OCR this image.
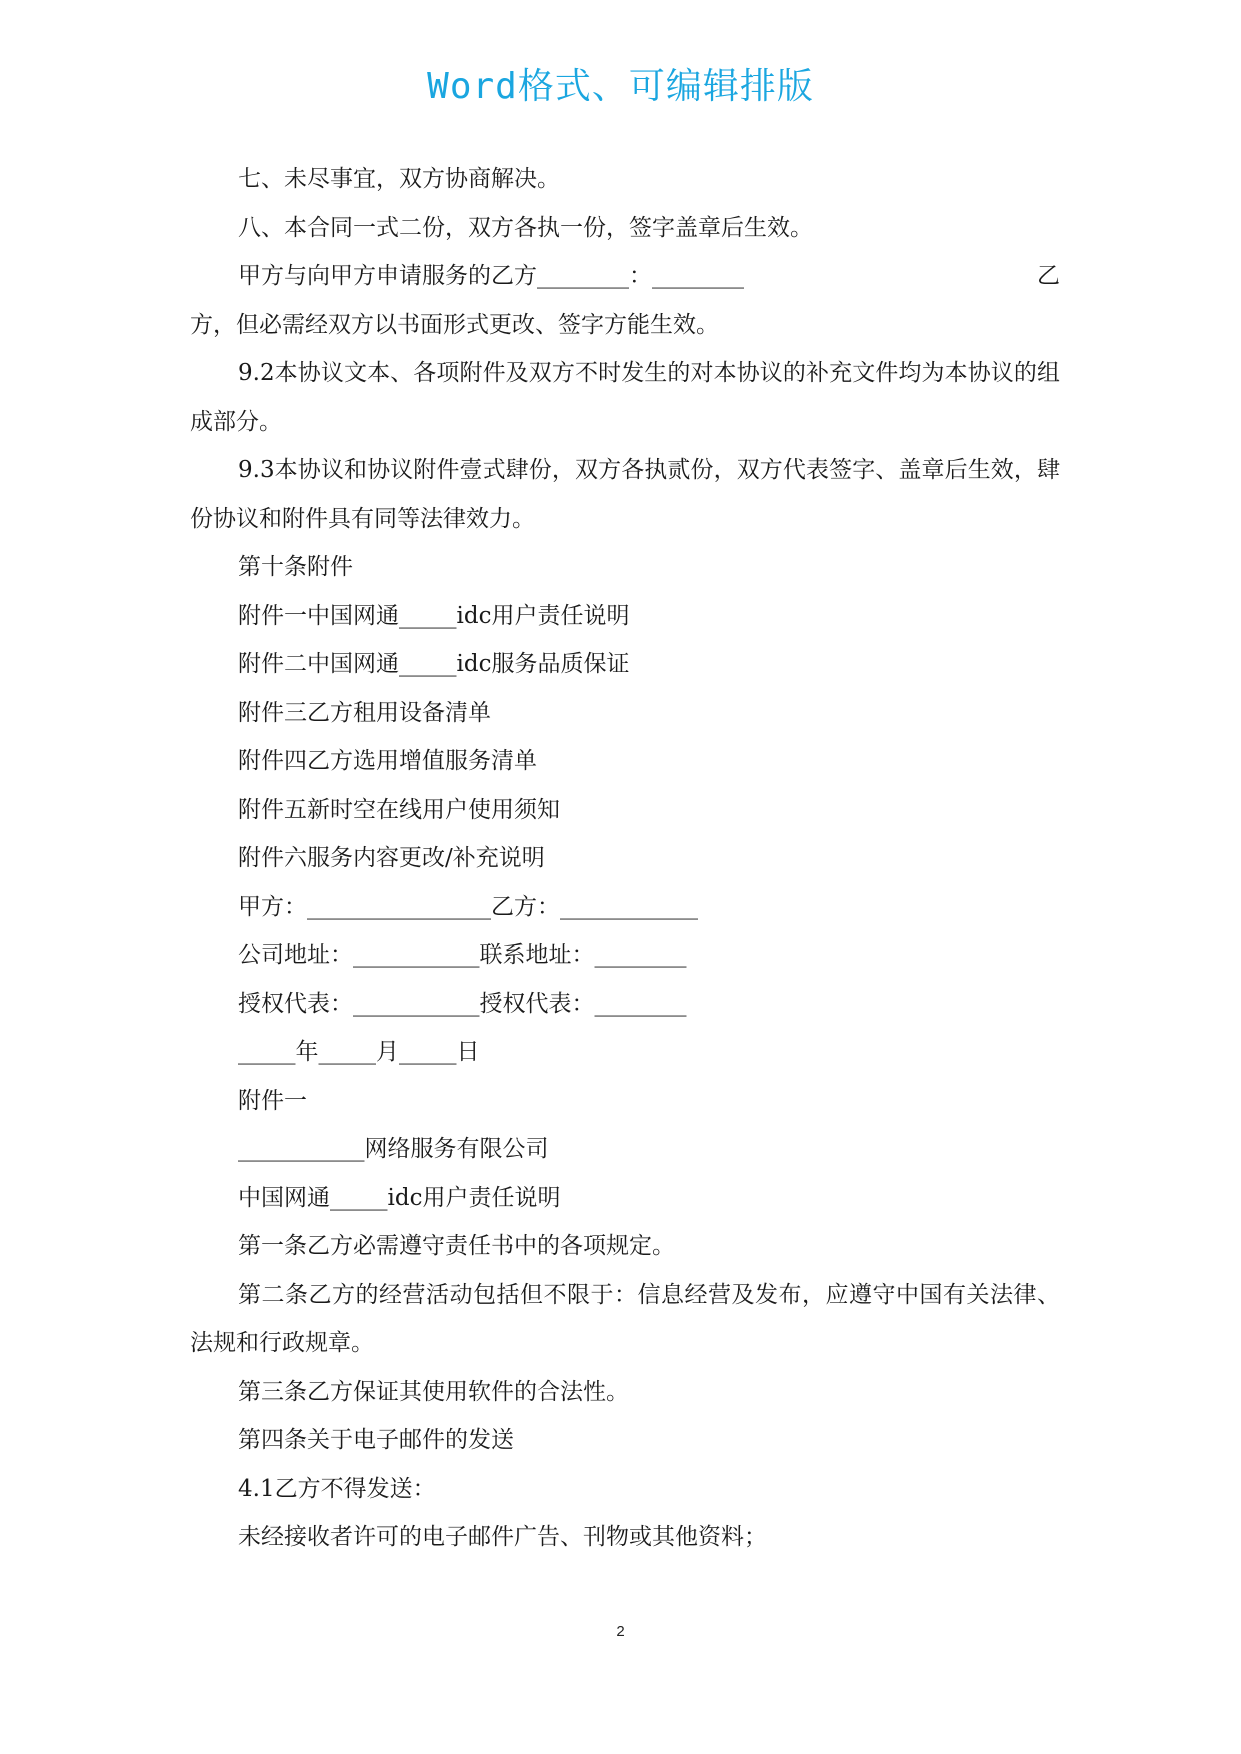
Word格式、可编辑排版

七、未尽事宜，双方协商解决。

八、本合同一式二份，双方各执一份，签字盖章后生效。

甲方与向甲方申请服务的乙方________：________	乙

方，但必需经双方以书面形式更改、签字方能生效。

9.2本协议文本、各项附件及双方不时发生的对本协议的补充文件均为本协议的组成部分。

9.3本协议和协议附件壹式肆份，双方各执贰份，双方代表签字、盖章后生效，肆份协议和附件具有同等法律效力。

第十条附件

附件一中国网通_____idc用户责任说明

附件二中国网通_____idc服务品质保证

附件三乙方租用设备清单

附件四乙方选用增值服务清单

附件五新时空在线用户使用须知

附件六服务内容更改/补充说明

甲方：________________乙方：____________

公司地址：___________联系地址：________

授权代表：___________授权代表：________

_____年_____月_____日

附件一

___________网络服务有限公司

中国网通_____idc用户责任说明

第一条乙方必需遵守责任书中的各项规定。

第二条乙方的经营活动包括但不限于：信息经营及发布，应遵守中国有关法律、法规和行政规章。

第三条乙方保证其使用软件的合法性。

第四条关于电子邮件的发送

4.1乙方不得发送：

未经接收者许可的电子邮件广告、刊物或其他资料；

2
